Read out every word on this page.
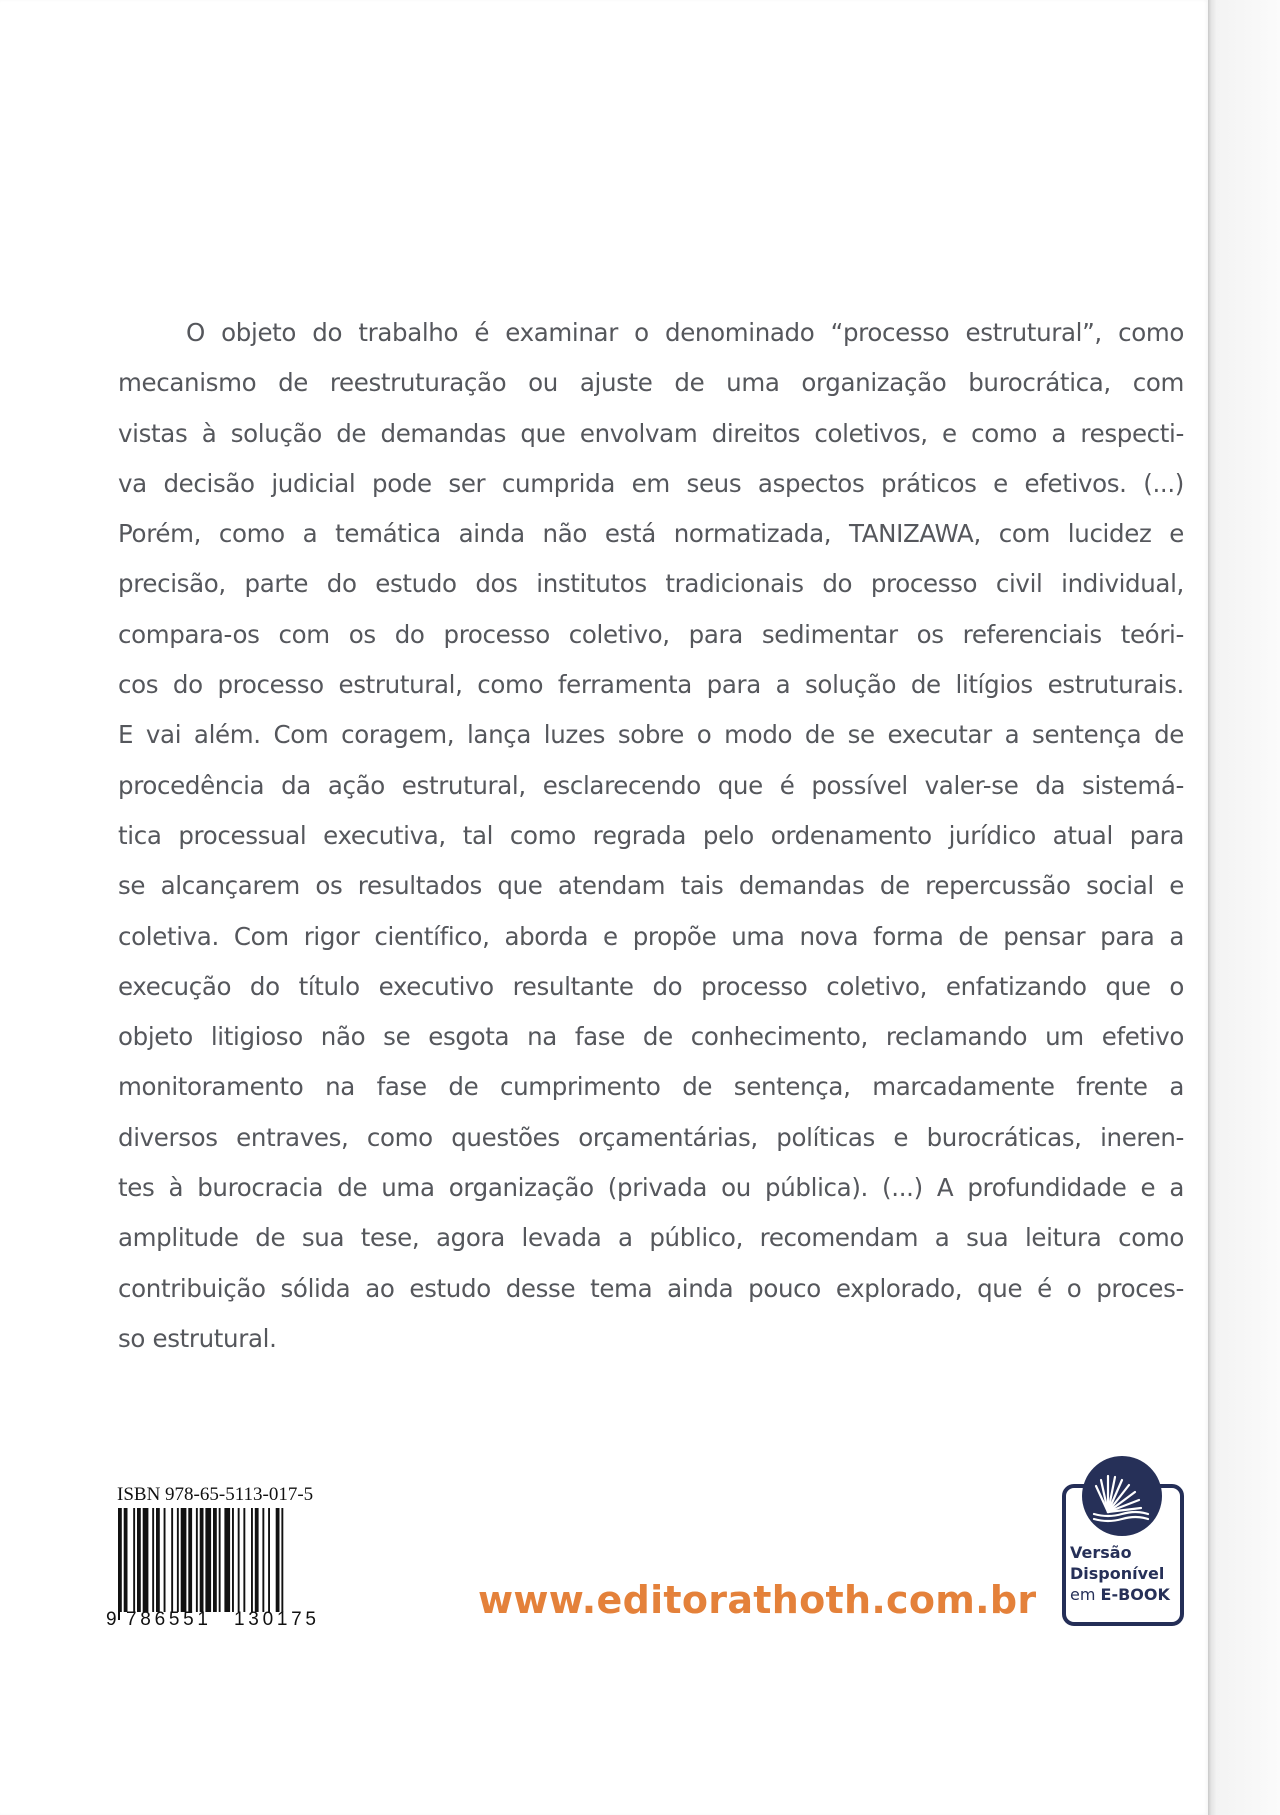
O objeto do trabalho é examinar o denominado “processo estrutural”, como
mecanismo de reestruturação ou ajuste de uma organização burocrática, com
vistas à solução de demandas que envolvam direitos coletivos, e como a respecti-
va decisão judicial pode ser cumprida em seus aspectos práticos e efetivos. (...)
Porém, como a temática ainda não está normatizada, TANIZAWA, com lucidez e
precisão, parte do estudo dos institutos tradicionais do processo civil individual,
compara-os com os do processo coletivo, para sedimentar os referenciais teóri-
cos do processo estrutural, como ferramenta para a solução de litígios estruturais.
E vai além. Com coragem, lança luzes sobre o modo de se executar a sentença de
procedência da ação estrutural, esclarecendo que é possível valer-se da sistemá-
tica processual executiva, tal como regrada pelo ordenamento jurídico atual para
se alcançarem os resultados que atendam tais demandas de repercussão social e
coletiva. Com rigor científico, aborda e propõe uma nova forma de pensar para a
execução do título executivo resultante do processo coletivo, enfatizando que o
objeto litigioso não se esgota na fase de conhecimento, reclamando um efetivo
monitoramento na fase de cumprimento de sentença, marcadamente frente a
diversos entraves, como questões orçamentárias, políticas e burocráticas, ineren-
tes à burocracia de uma organização (privada ou pública). (...) A profundidade e a
amplitude de sua tese, agora levada a público, recomendam a sua leitura como
contribuição sólida ao estudo desse tema ainda pouco explorado, que é o proces-
so estrutural.

ISBN 978-65-5113-017-5

9 786551 130175	www.editorathoth.com.br

Versão
Disponível
em E-BOOK
